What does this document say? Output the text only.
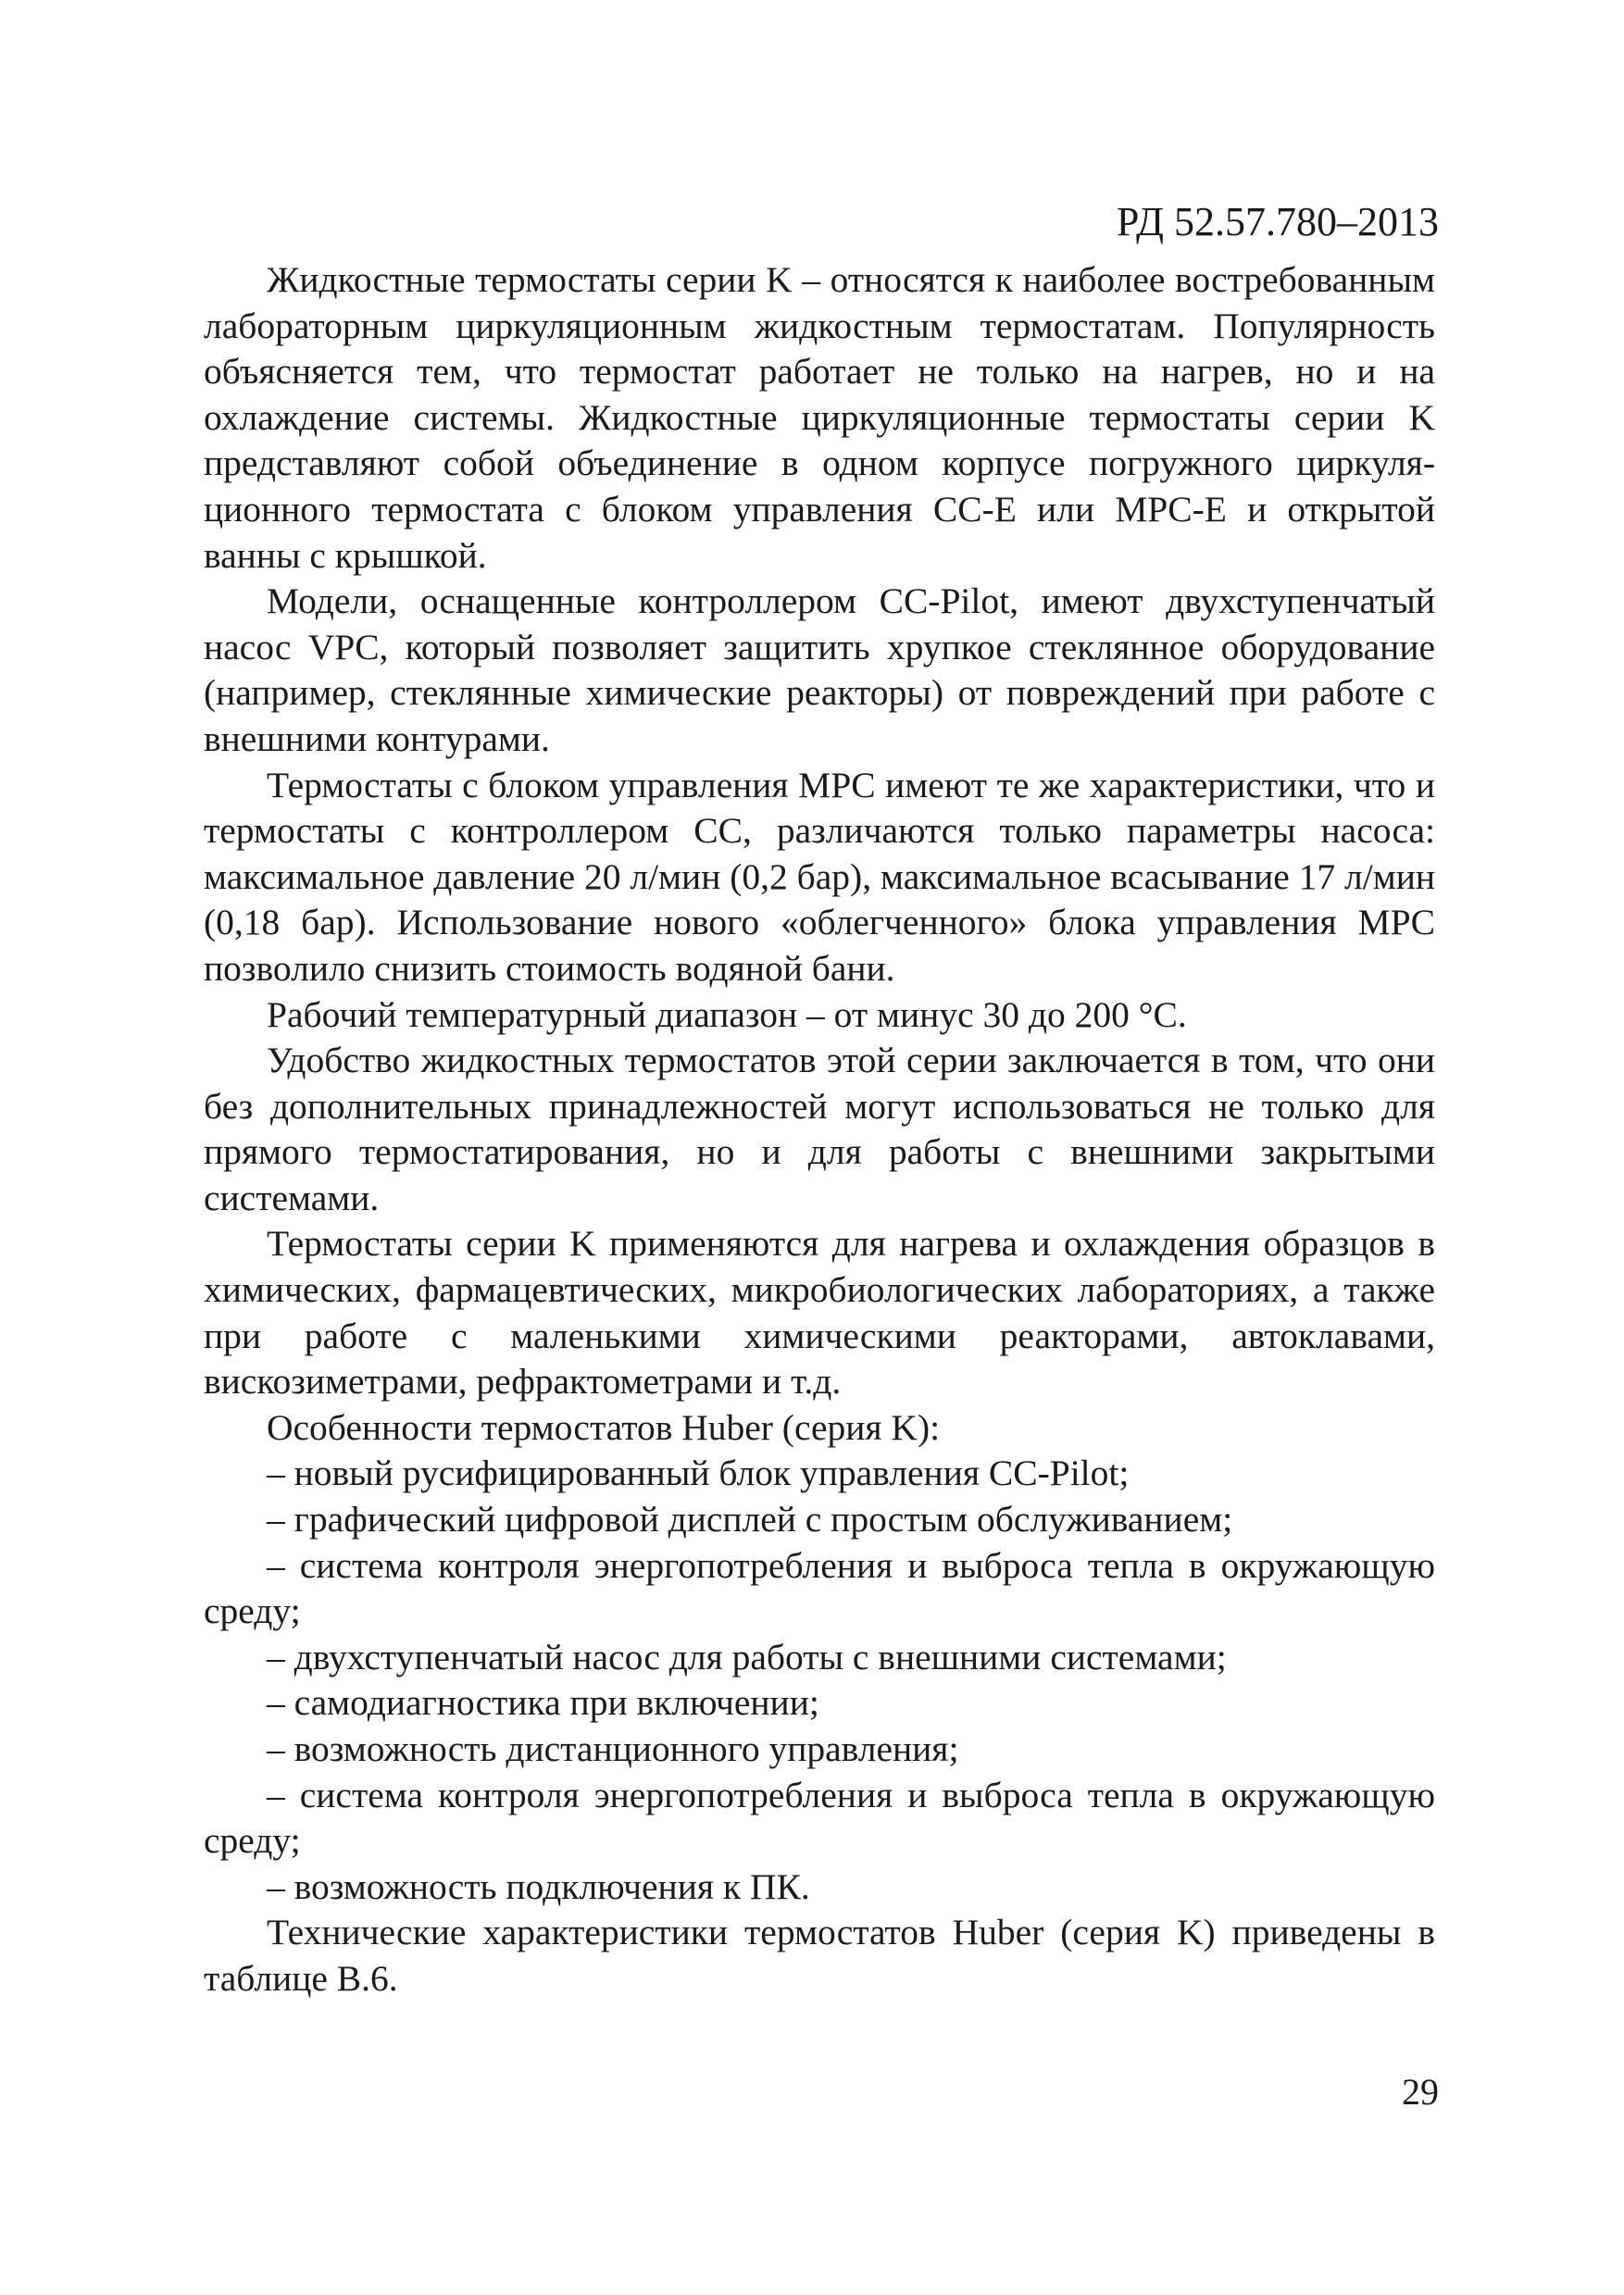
РД 52.57.780–2013

Жидкостные термостаты серии K – относятся к наиболее востребованным лабораторным циркуляционным жидкостным термостатам. Популярность объясняется тем, что термостат работает не только на нагрев, но и на охлаждение системы. Жидкостные циркуляционные термостаты серии K представляют собой объединение в одном корпусе погружного циркуляционного термостата с блоком управления CC-E или MPC-E и открытой ванны с крышкой.

Модели, оснащенные контроллером CC-Pilot, имеют двухступенчатый насос VPC, который позволяет защитить хрупкое стеклянное оборудование (например, стеклянные химические реакторы) от повреждений при работе с внешними контурами.

Термостаты с блоком управления MPC имеют те же характеристики, что и термостаты с контроллером CC, различаются только параметры насоса: максимальное давление 20 л/мин (0,2 бар), максимальное всасывание 17 л/мин (0,18 бар). Использование нового «облегченного» блока управления MPC позволило снизить стоимость водяной бани.

Рабочий температурный диапазон – от минус 30 до 200 °С.

Удобство жидкостных термостатов этой серии заключается в том, что они без дополнительных принадлежностей могут использоваться не только для прямого термостатирования, но и для работы с внешними закрытыми системами.

Термостаты серии K применяются для нагрева и охлаждения образцов в химических, фармацевтических, микробиологических лабораториях, а также при работе с маленькими химическими реакторами, автоклавами, вискозиметрами, рефрактометрами и т.д.

Особенности термостатов Huber (серия K):

– новый русифицированный блок управления CC-Pilot;

– графический цифровой дисплей с простым обслуживанием;

– система контроля энергопотребления и выброса тепла в окружающую среду;

– двухступенчатый насос для работы с внешними системами;

– самодиагностика при включении;

– возможность дистанционного управления;

– система контроля энергопотребления и выброса тепла в окружающую среду;

– возможность подключения к ПК.

Технические характеристики термостатов Huber (серия K) приведены в таблице В.6.

29
